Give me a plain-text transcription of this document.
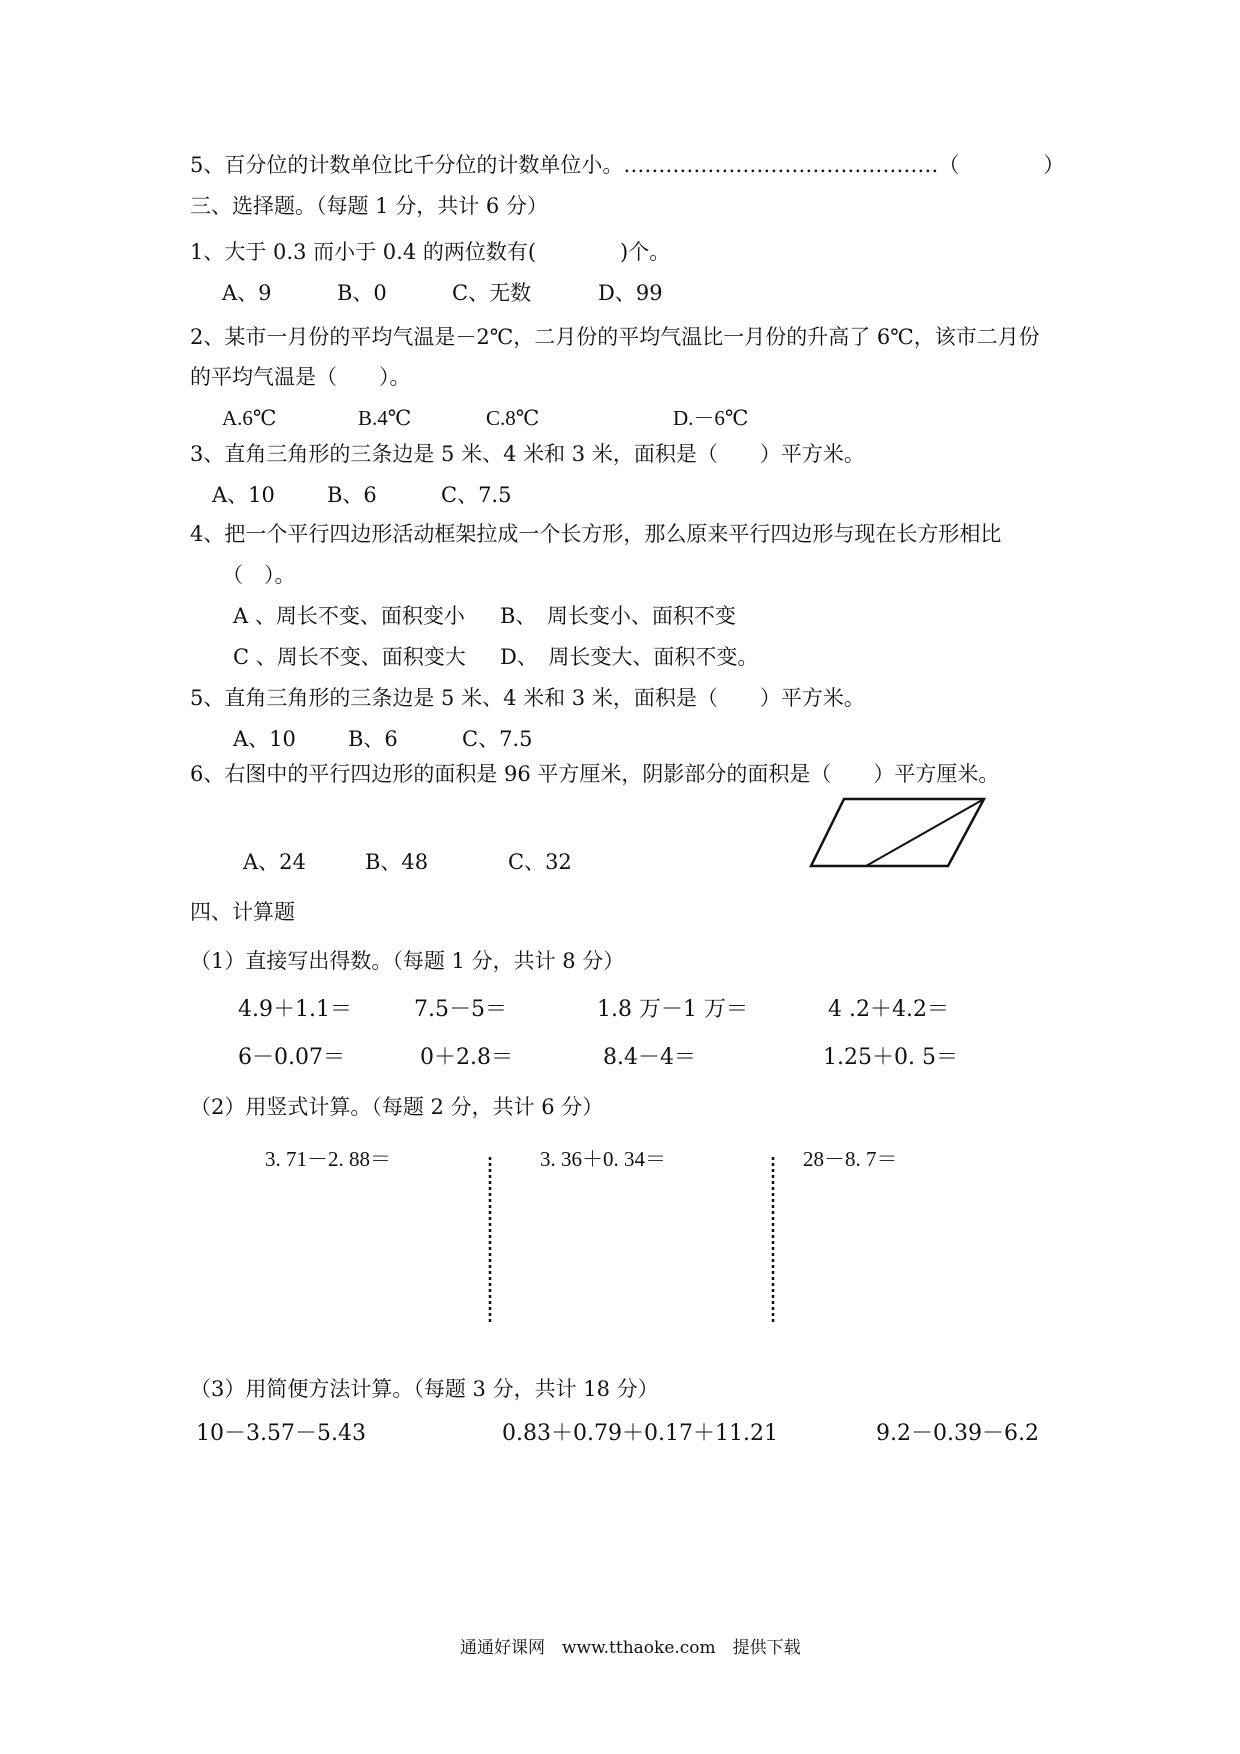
5、百分位的计数单位比千分位的计数单位小。………………………………………（　　　　）
三、选择题。（每题 1 分，共计 6 分）
1、大于 0.3 而小于 0.4 的两位数有(　　　　)个。
A、9	B、0	C、无数	D、99
2、某市一月份的平均气温是－2℃，二月份的平均气温比一月份的升高了 6℃，该市二月份
的平均气温是（　　）。
A.6℃	B.4℃	C.8℃	D.－6℃
3、直角三角形的三条边是 5 米、4 米和 3 米，面积是（　　）平方米。
A、10 B、6	C、7.5
4、把一个平行四边形活动框架拉成一个长方形，那么原来平行四边形与现在长方形相比
（　）。
A 、周长不变、面积变小 B、　周长变小、面积不变
C 、周长不变、面积变大 D、　周长变大、面积不变。
5、直角三角形的三条边是 5 米、4 米和 3 米，面积是（　　）平方米。
A、10 B、6	C、7.5
6、右图中的平行四边形的面积是 96 平方厘米，阴影部分的面积是（　　）平方厘米。
A、24	B、48	C、32
四、计算题
（1）直接写出得数。（每题 1 分，共计 8 分）
4.9＋1.1＝	7.5－5＝	1.8 万－1 万＝	4 .2＋4.2＝
6－0.07＝	0＋2.8＝	8.4－4＝	1.25＋0. 5＝
（2）用竖式计算。（每题 2 分，共计 6 分）
3. 71－2. 88＝	3. 36＋0. 34＝	28－8. 7＝
（3）用简便方法计算。（每题 3 分，共计 18 分）
10－3.57－5.43	0.83＋0.79＋0.17＋11.21	9.2－0.39－6.2
通通好课网　www.tthaoke.com　提供下载
